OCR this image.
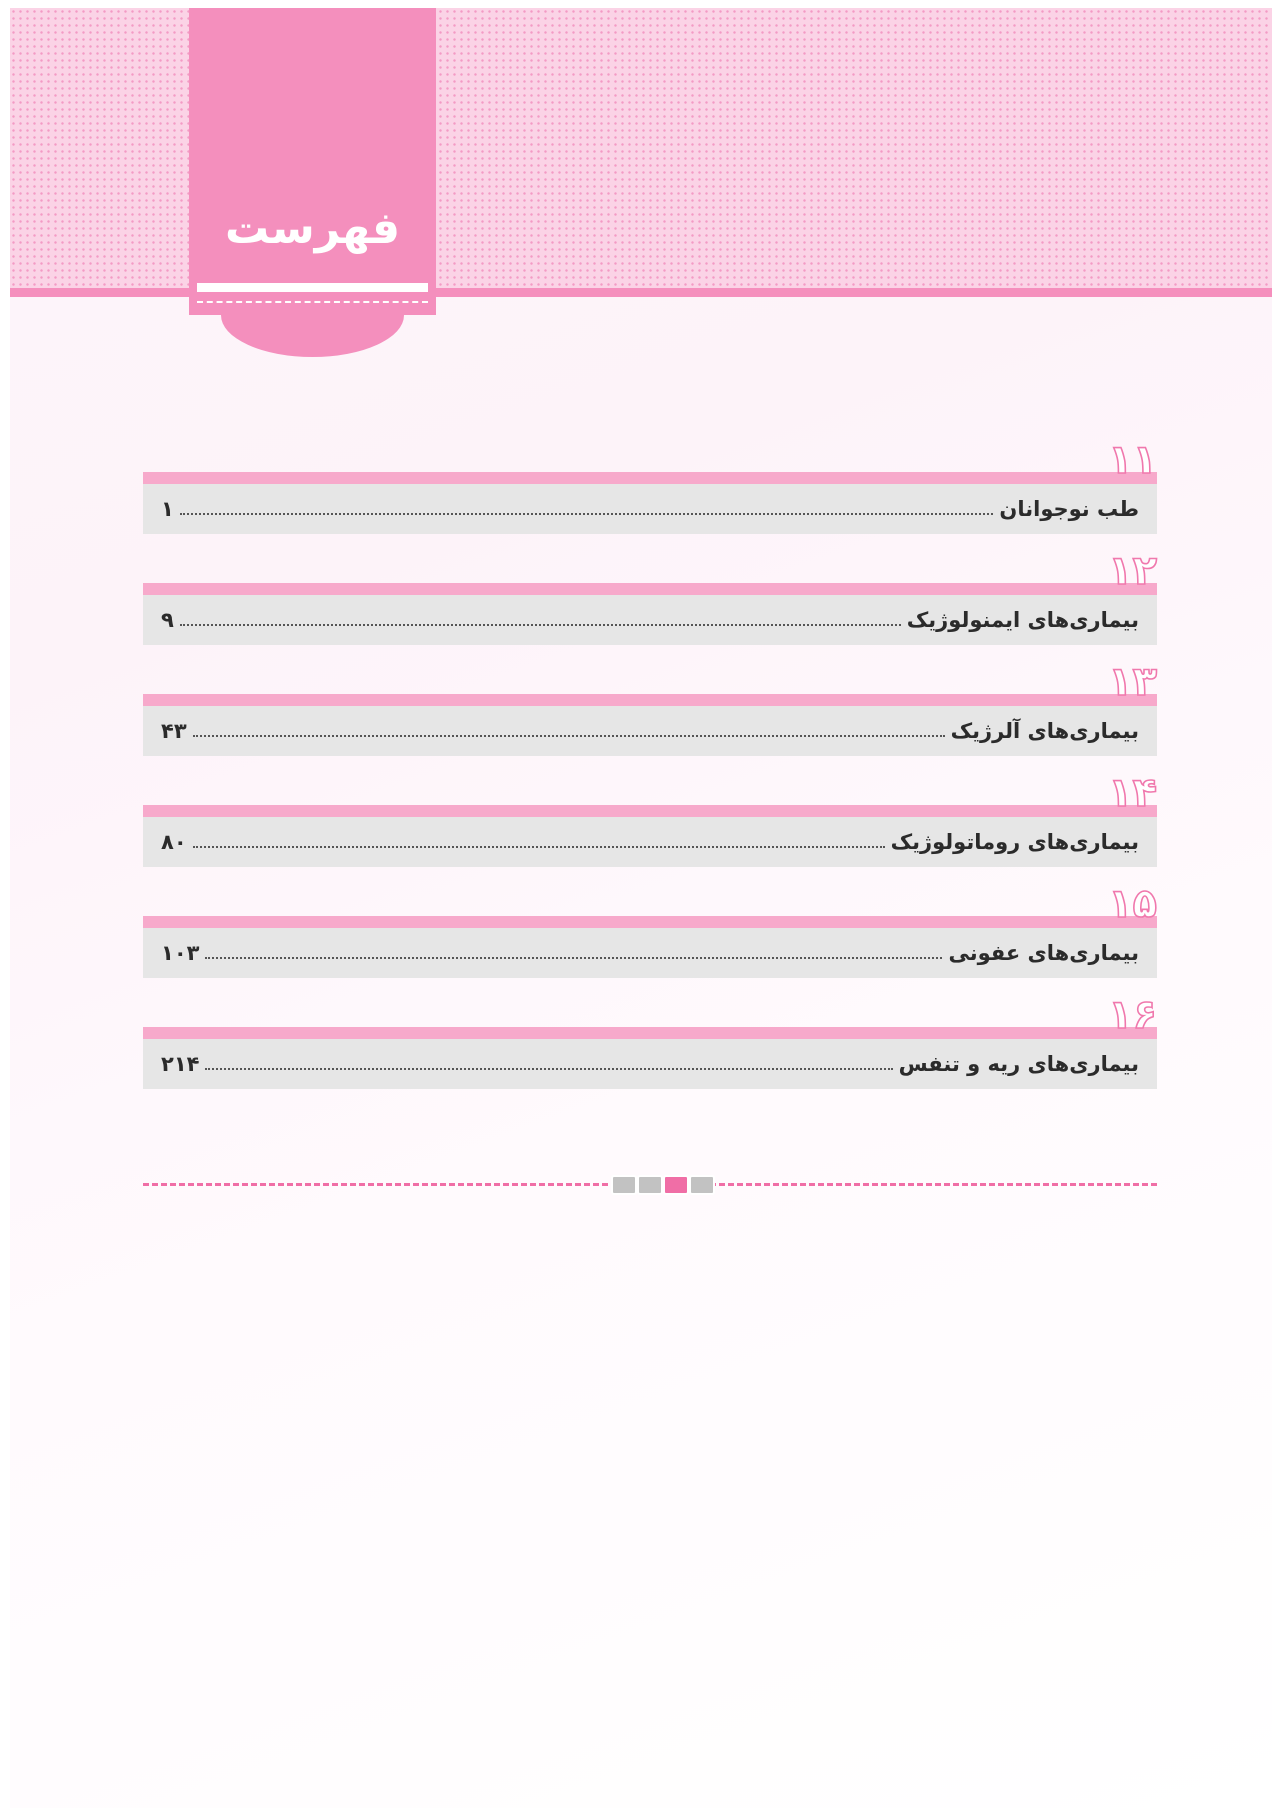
فهرست
۱۱
طب نوجوانان
۱
۱۲
بیماری‌های ایمنولوژیک
۹
۱۳
بیماری‌های آلرژیک
۴۳
۱۴
بیماری‌های روماتولوژیک
۸۰
۱۵
بیماری‌های عفونی
۱۰۳
۱۶
بیماری‌های ریه و تنفس
۲۱۴
